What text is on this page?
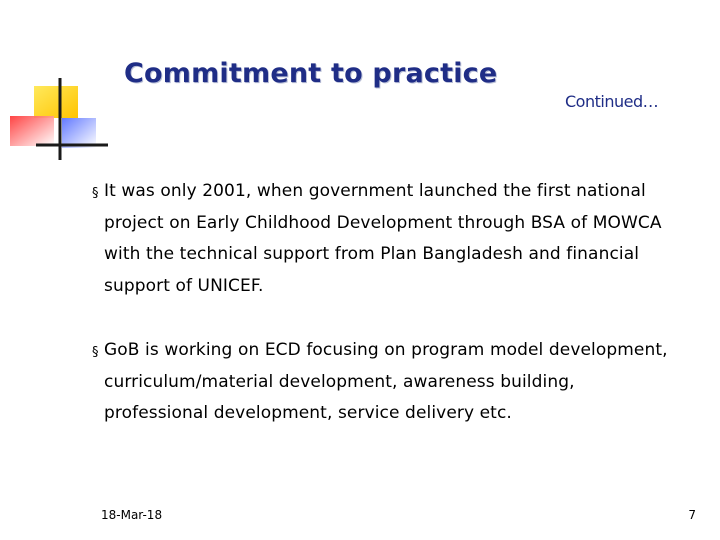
Commitment to practice
Continued…
§ It was only 2001, when government launched the first national project on Early Childhood Development through BSA of MOWCA with the technical support from Plan Bangladesh and financial support of UNICEF.
§ GoB is working on ECD focusing on program model development, curriculum/material development, awareness building, professional development, service delivery etc.
18-Mar-18	7
